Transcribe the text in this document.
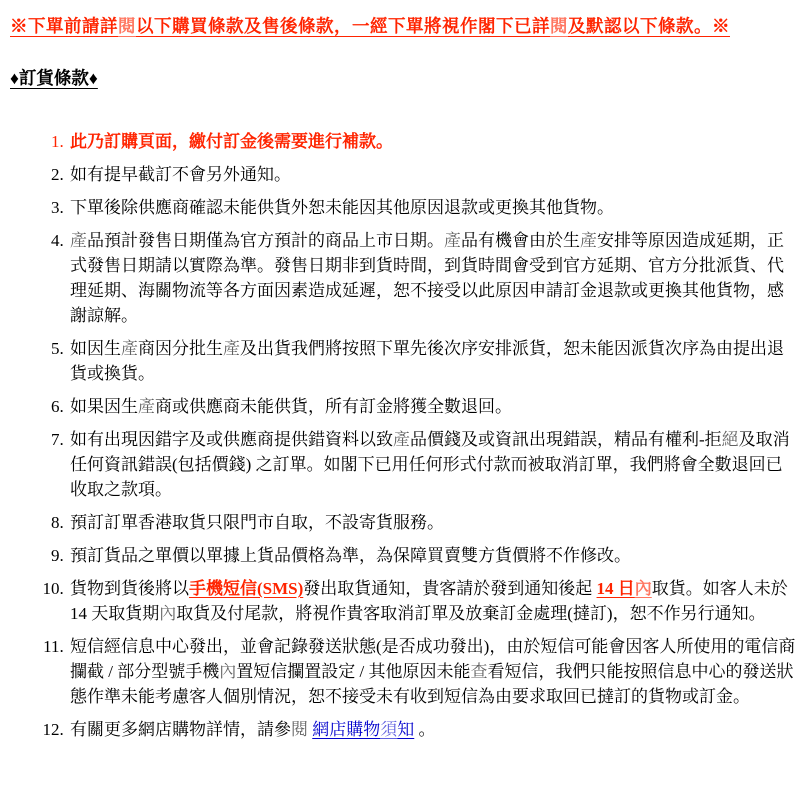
※下單前請詳閱以下購買條款及售後條款，一經下單將視作閣下已詳閱及默認以下條款。※
♦訂貨條款♦
1. 此乃訂購頁面，繳付訂金後需要進行補款。
2. 如有提早截訂不會另外通知。
3. 下單後除供應商確認未能供貨外恕未能因其他原因退款或更換其他貨物。
4. 產品預計發售日期僅為官方預計的商品上市日期。產品有機會由於生產安排等原因造成延期，正式發售日期請以實際為準。發售日期非到貨時間，到貨時間會受到官方延期、官方分批派貨、代理延期、海關物流等各方面因素造成延遲，恕不接受以此原因申請訂金退款或更換其他貨物，感謝諒解。
5. 如因生產商因分批生產及出貨我們將按照下單先後次序安排派貨，恕未能因派貨次序為由提出退貨或換貨。
6. 如果因生產商或供應商未能供貨，所有訂金將獲全數退回。
7. 如有出現因錯字及或供應商提供錯資料以致產品價錢及或資訊出現錯誤，精品有權利-拒絕及取消任何資訊錯誤(包括價錢) 之訂單。如閣下已用任何形式付款而被取消訂單，我們將會全數退回已收取之款項。
8. 預訂訂單香港取貨只限門市自取，不設寄貨服務。
9. 預訂貨品之單價以單據上貨品價格為準，為保障買賣雙方貨價將不作修改。
10. 貨物到貨後將以手機短信(SMS)發出取貨通知，貴客請於發到通知後起 14 日內取貨。如客人未於 14 天取貨期內取貨及付尾款，將視作貴客取消訂單及放棄訂金處理(撻訂)，恕不作另行通知。
11. 短信經信息中心發出，並會記錄發送狀態(是否成功發出)，由於短信可能會因客人所使用的電信商攔截 / 部分型號手機內置短信攔置設定 / 其他原因未能查看短信，我們只能按照信息中心的發送狀態作準未能考慮客人個別情況，恕不接受未有收到短信為由要求取回已撻訂的貨物或訂金。
12. 有關更多網店購物詳情，請參閱 網店購物須知 。
